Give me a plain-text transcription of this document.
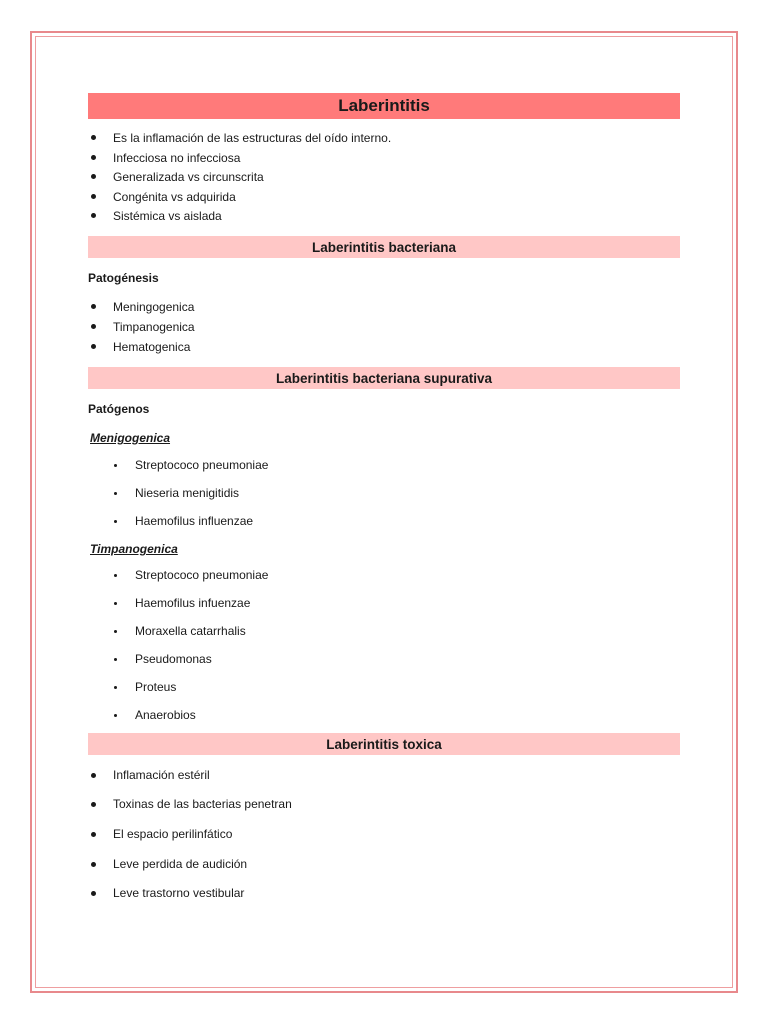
Laberintitis
Es la inflamación de las estructuras del oído interno.
Infecciosa no infecciosa
Generalizada vs circunscrita
Congénita vs adquirida
Sistémica vs aislada
Laberintitis bacteriana
Patogénesis
Meningogenica
Timpanogenica
Hematogenica
Laberintitis bacteriana supurativa
Patógenos
Menigogenica
Streptococo pneumoniae
Nieseria menigitidis
Haemofilus influenzae
Timpanogenica
Streptococo pneumoniae
Haemofilus infuenzae
Moraxella catarrhalis
Pseudomonas
Proteus
Anaerobios
Laberintitis toxica
Inflamación estéril
Toxinas de las bacterias penetran
El espacio perilinfático
Leve perdida de audición
Leve trastorno vestibular
